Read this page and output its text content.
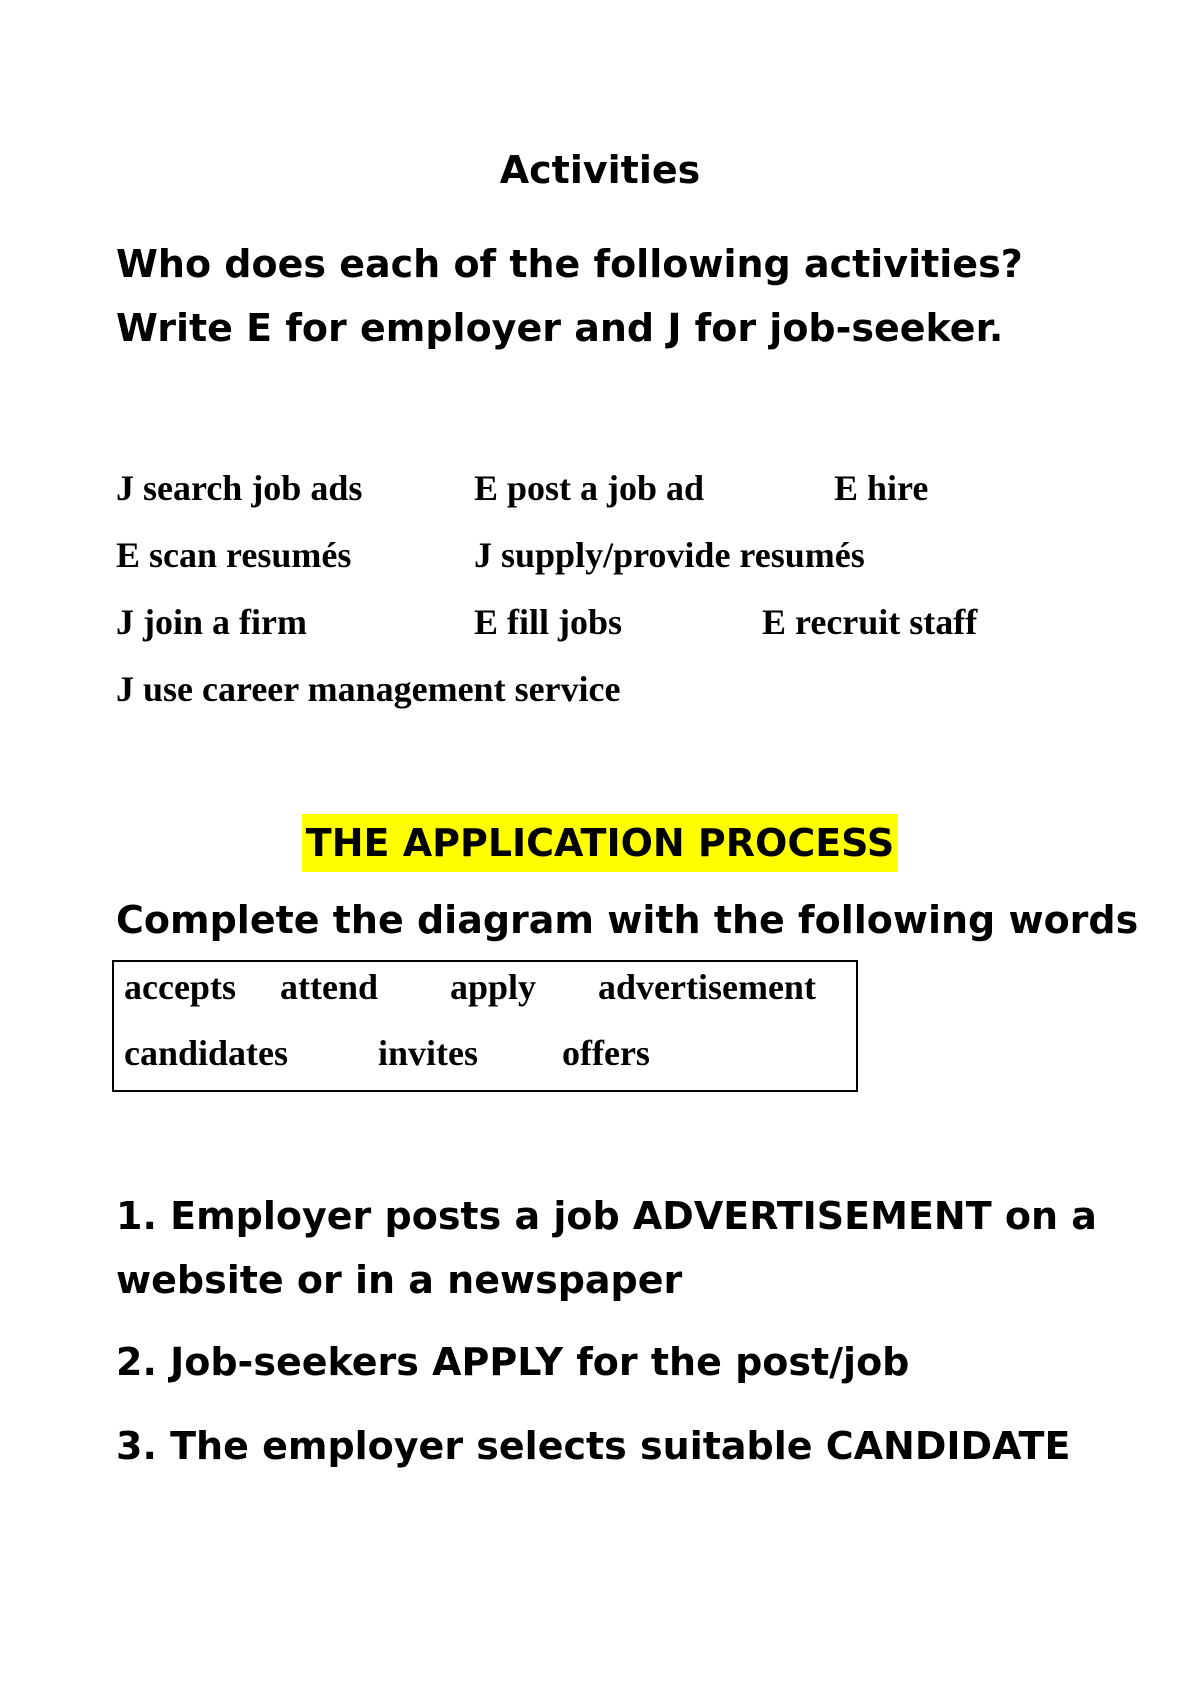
Activities
Who does each of the following activities? Write E for employer and J for job-seeker.
J search job ads	E post a job ad	E hire
E scan resumés	J supply/provide resumés
J join a firm	E fill jobs	E recruit staff
J use career management service
THE APPLICATION PROCESS
Complete the diagram with the following words
accepts attend apply advertisement
candidates invites offers
1. Employer posts a job ADVERTISEMENT on a website or in a newspaper
2. Job-seekers APPLY for the post/job
3. The employer selects suitable CANDIDATE
